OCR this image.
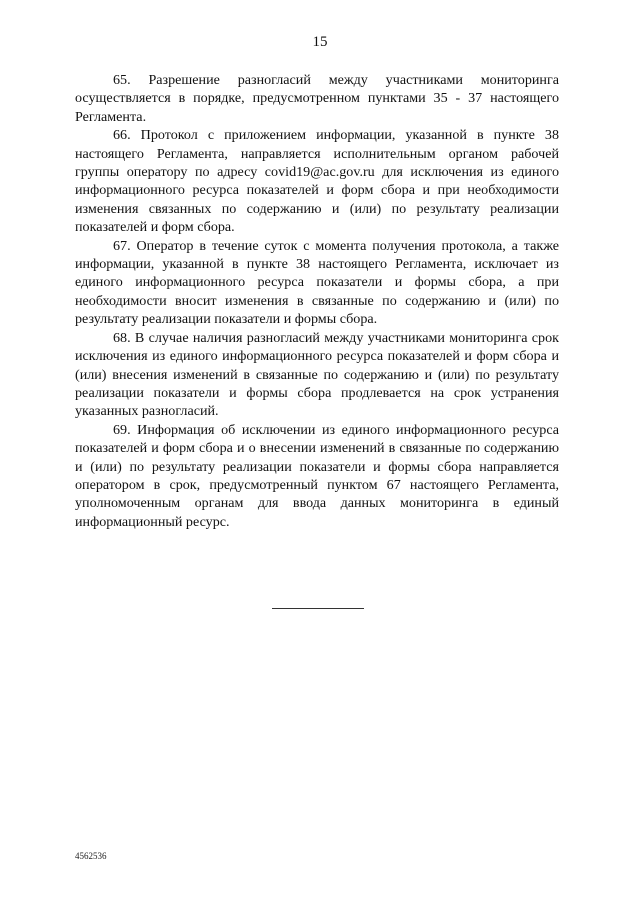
15

65. Разрешение разногласий между участниками мониторинга осуществляется в порядке, предусмотренном пунктами 35 - 37 настоящего Регламента.

66. Протокол с приложением информации, указанной в пункте 38 настоящего Регламента, направляется исполнительным органом рабочей группы оператору по адресу covid19@ac.gov.ru для исключения из единого информационного ресурса показателей и форм сбора и при необходимости изменения связанных по содержанию и (или) по результату реализации показателей и форм сбора.

67. Оператор в течение суток с момента получения протокола, а также информации, указанной в пункте 38 настоящего Регламента, исключает из единого информационного ресурса показатели и формы сбора, а при необходимости вносит изменения в связанные по содержанию и (или) по результату реализации показатели и формы сбора.

68. В случае наличия разногласий между участниками мониторинга срок исключения из единого информационного ресурса показателей и форм сбора и (или) внесения изменений в связанные по содержанию и (или) по результату реализации показатели и формы сбора продлевается на срок устранения указанных разногласий.

69. Информация об исключении из единого информационного ресурса показателей и форм сбора и о внесении изменений в связанные по содержанию и (или) по результату реализации показатели и формы сбора направляется оператором в срок, предусмотренный пунктом 67 настоящего Регламента, уполномоченным органам для ввода данных мониторинга в единый информационный ресурс.

4562536
